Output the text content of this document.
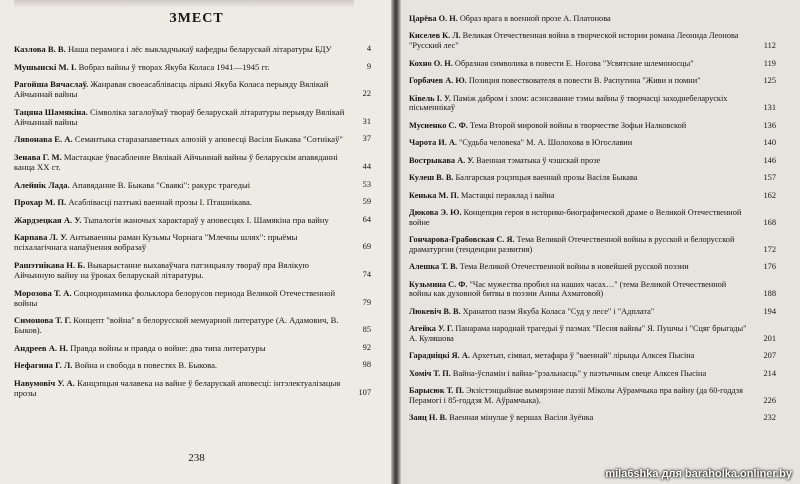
ЗМЕСТ
Казлова В. В. Наша перамога і лёс выкладчыкаў кафедры беларускай літаратуры БДУ	4
Мушынскі М. І. Вобраз вайны ў творах Якуба Коласа 1941—1945 гг.	9
Рагойша Вячаслаў. Жанравая своеасаблівасць лірыкі Якуба Коласа перыяду Вялікай Айчыннай вайны	22
Тацяна Шамякіна. Сімволіка загалоўкаў твораў беларускай літаратуры перыяду Вялікай Айчыннай вайны	31
Лявонава Е. А. Семантыка старазапаветных алюзій у аповесці Васіля Быкава "Сотнікаў"	37
Зенава Г. М. Мастацкае ўвасабленне Вялікай Айчыннай вайны ў беларускім апавяданні канца ХХ ст.	44
Алейнік Лада. Апавяданне В. Быкава "Сваякі": ракурс трагедыі	53
Прохар М. П. Асаблівасці пазтыкі ваеннай прозы І. Пташнікава.	59
Жардзецкая А. У. Тыпалогія жаночых характараў у аповесцях І. Шамякіна пра вайну	64
Карпава Л. У. Антываенны раман Кузьмы Чорнага "Млечны шлях": прыёмы псіхалагічнага напаўнення вобразаў	69
Рашэтнікава Н. Б. Выкарыстанне выхаваўчага патэнцыялу твораў пра Вялікую Айчынную вайну на ўроках беларускай літаратуры.	74
Морозова Т. А. Социодинамика фольклора белорусов периода Великой Отечественной войны	79
Симонова Т. Г. Концепт "война" в белорусской мемуарной литературе (А. Адамович, В. Быков).	85
Андреев А. Н. Правда войны и правда о войне: два типа литературы	92
Нефагина Г. Л. Война и свобода в повестях В. Быкова.	98
Навумовіч У. А. Канцэпцыя чалавека на вайне ў беларускай аповесці: інтэлектуалізацыя прозы	107
238
Царёва О. Н. Образ врага в военной прозе А. Платонова
Киселев К. Л. Великая Отечественная война в творческой истории романа Леонида Леонова "Русский лес"	112
Кохно О. Н. Образная символика в повести Е. Носова "Усвятские шлемоносцы"	119
Горбачев А. Ю. Позиция повествователя в повести В. Распутина "Живи и помни"	125
Ківель І. У. Паміж дабром і злом: асэнсаванне тэмы вайны ў творчасці заходнебеларускіх пісьменнікаў	131
Мусиенко С. Ф. Тема Второй мировой войны в творчестве Зофьи Налковской	136
Чарота И. А. "Судьба человека" М. А. Шолохова в Югославии	140
Вострыкава А. У. Ваенная тэматыка ў чэшскай прозе	146
Кулеш В. В. Балгарская рэцэпцыя ваеннай прозы Васіля Быкава	157
Кенька М. П. Мастацкі пераклад і вайна	162
Дюкова Э. Ю. Концепция героя в историко-биографической драме о Великой Отечественной войне	168
Гончарова-Грабовская С. Я. Тема Великой Отечественной войны в русской и белорусской драматургии (тенденции развития)	172
Алешка Т. В. Тема Великой Отечественной войны в новейшей русской поэзии	176
Кузьмина С. Ф. "Час мужества пробил на наших часах…" (тема Великой Отечественной войны как духовной битвы в поэзии Анны Ахматовой)	188
Люкевіч В. В. Хранатоп паэм Якуба Коласа "Суд у лесе" і "Адплата"	194
Агейка У. Г. Панарама народнай трагедыі ў паэмах "Песня вайны" Я. Пушчы і "Сцяг брыгады" А. Куляшова	201
Гарадніцкі Я. А. Архетып, сімвал, метафара ў "ваеннай" лірыцы Алксея Пысіна	207
Хоміч Т. П. Вайна-ўспамін і вайна-"рэальнасць" у паэтычным свеце Алксея Пысіна	214
Барысюк Т. П. Экзістэнцыйнае вымярэнне паэзіі Міколы Аўрамчыка пра вайну (да 60-годдзя Перамогі і 85-годдзя М. Аўрамчыка).	226
Заяц Н. В. Ваенная мінулае ў вершах Васіля Зуёнка	232
mila6shka для baraholka.onliner.by
